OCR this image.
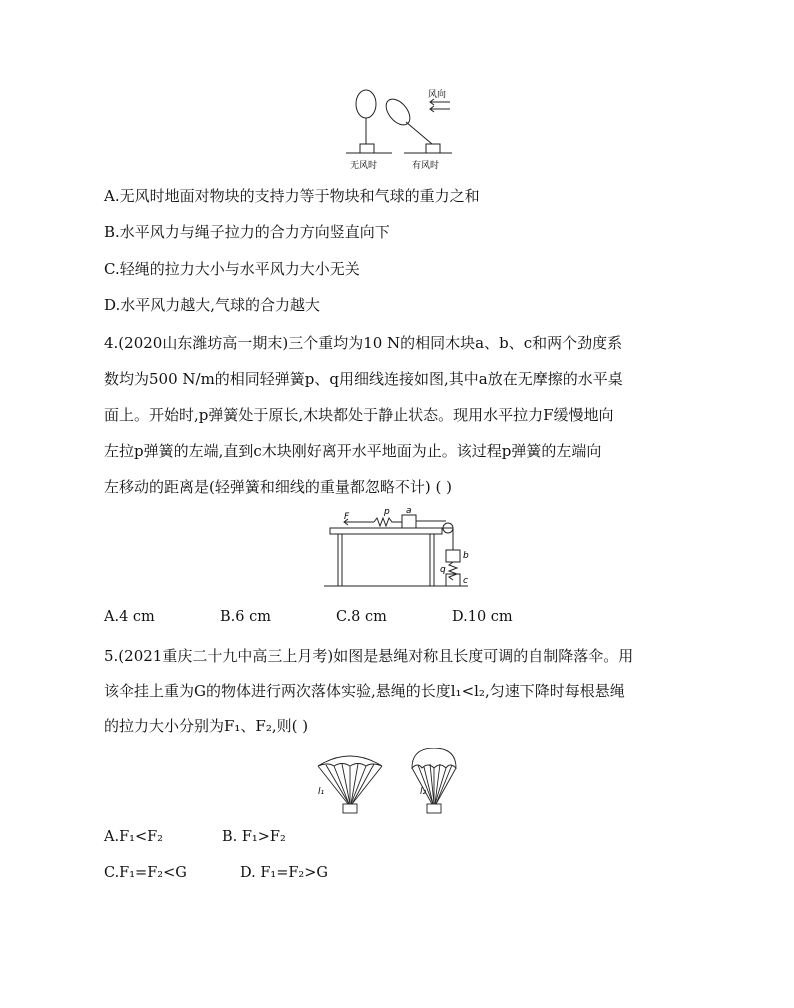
风向
无风时	有风时
A.无风时地面对物块的支持力等于物块和气球的重力之和
B.水平风力与绳子拉力的合力方向竖直向下
C.轻绳的拉力大小与水平风力大小无关
D.水平风力越大,气球的合力越大
4.(2020山东潍坊高一期末)三个重均为10 N的相同木块a、b、c和两个劲度系
数均为500 N/m的相同轻弹簧p、q用细线连接如图,其中a放在无摩擦的水平桌
面上。开始时,p弹簧处于原长,木块都处于静止状态。现用水平拉力F缓慢地向
左拉p弹簧的左端,直到c木块刚好离开水平地面为止。该过程p弹簧的左端向
左移动的距离是(轻弹簧和细线的重量都忽略不计) ( )
F	p a
b
q
c
A.4 cm	B.6 cm	C.8 cm	D.10 cm
5.(2021重庆二十九中高三上月考)如图是悬绳对称且长度可调的自制降落伞。用
该伞挂上重为G的物体进行两次落体实验,悬绳的长度l₁<l₂,匀速下降时每根悬绳
的拉力大小分别为F₁、F₂,则( )
l₁	l₂
A.F₁<F₂	B. F₁>F₂
C.F₁=F₂<G	D. F₁=F₂>G
